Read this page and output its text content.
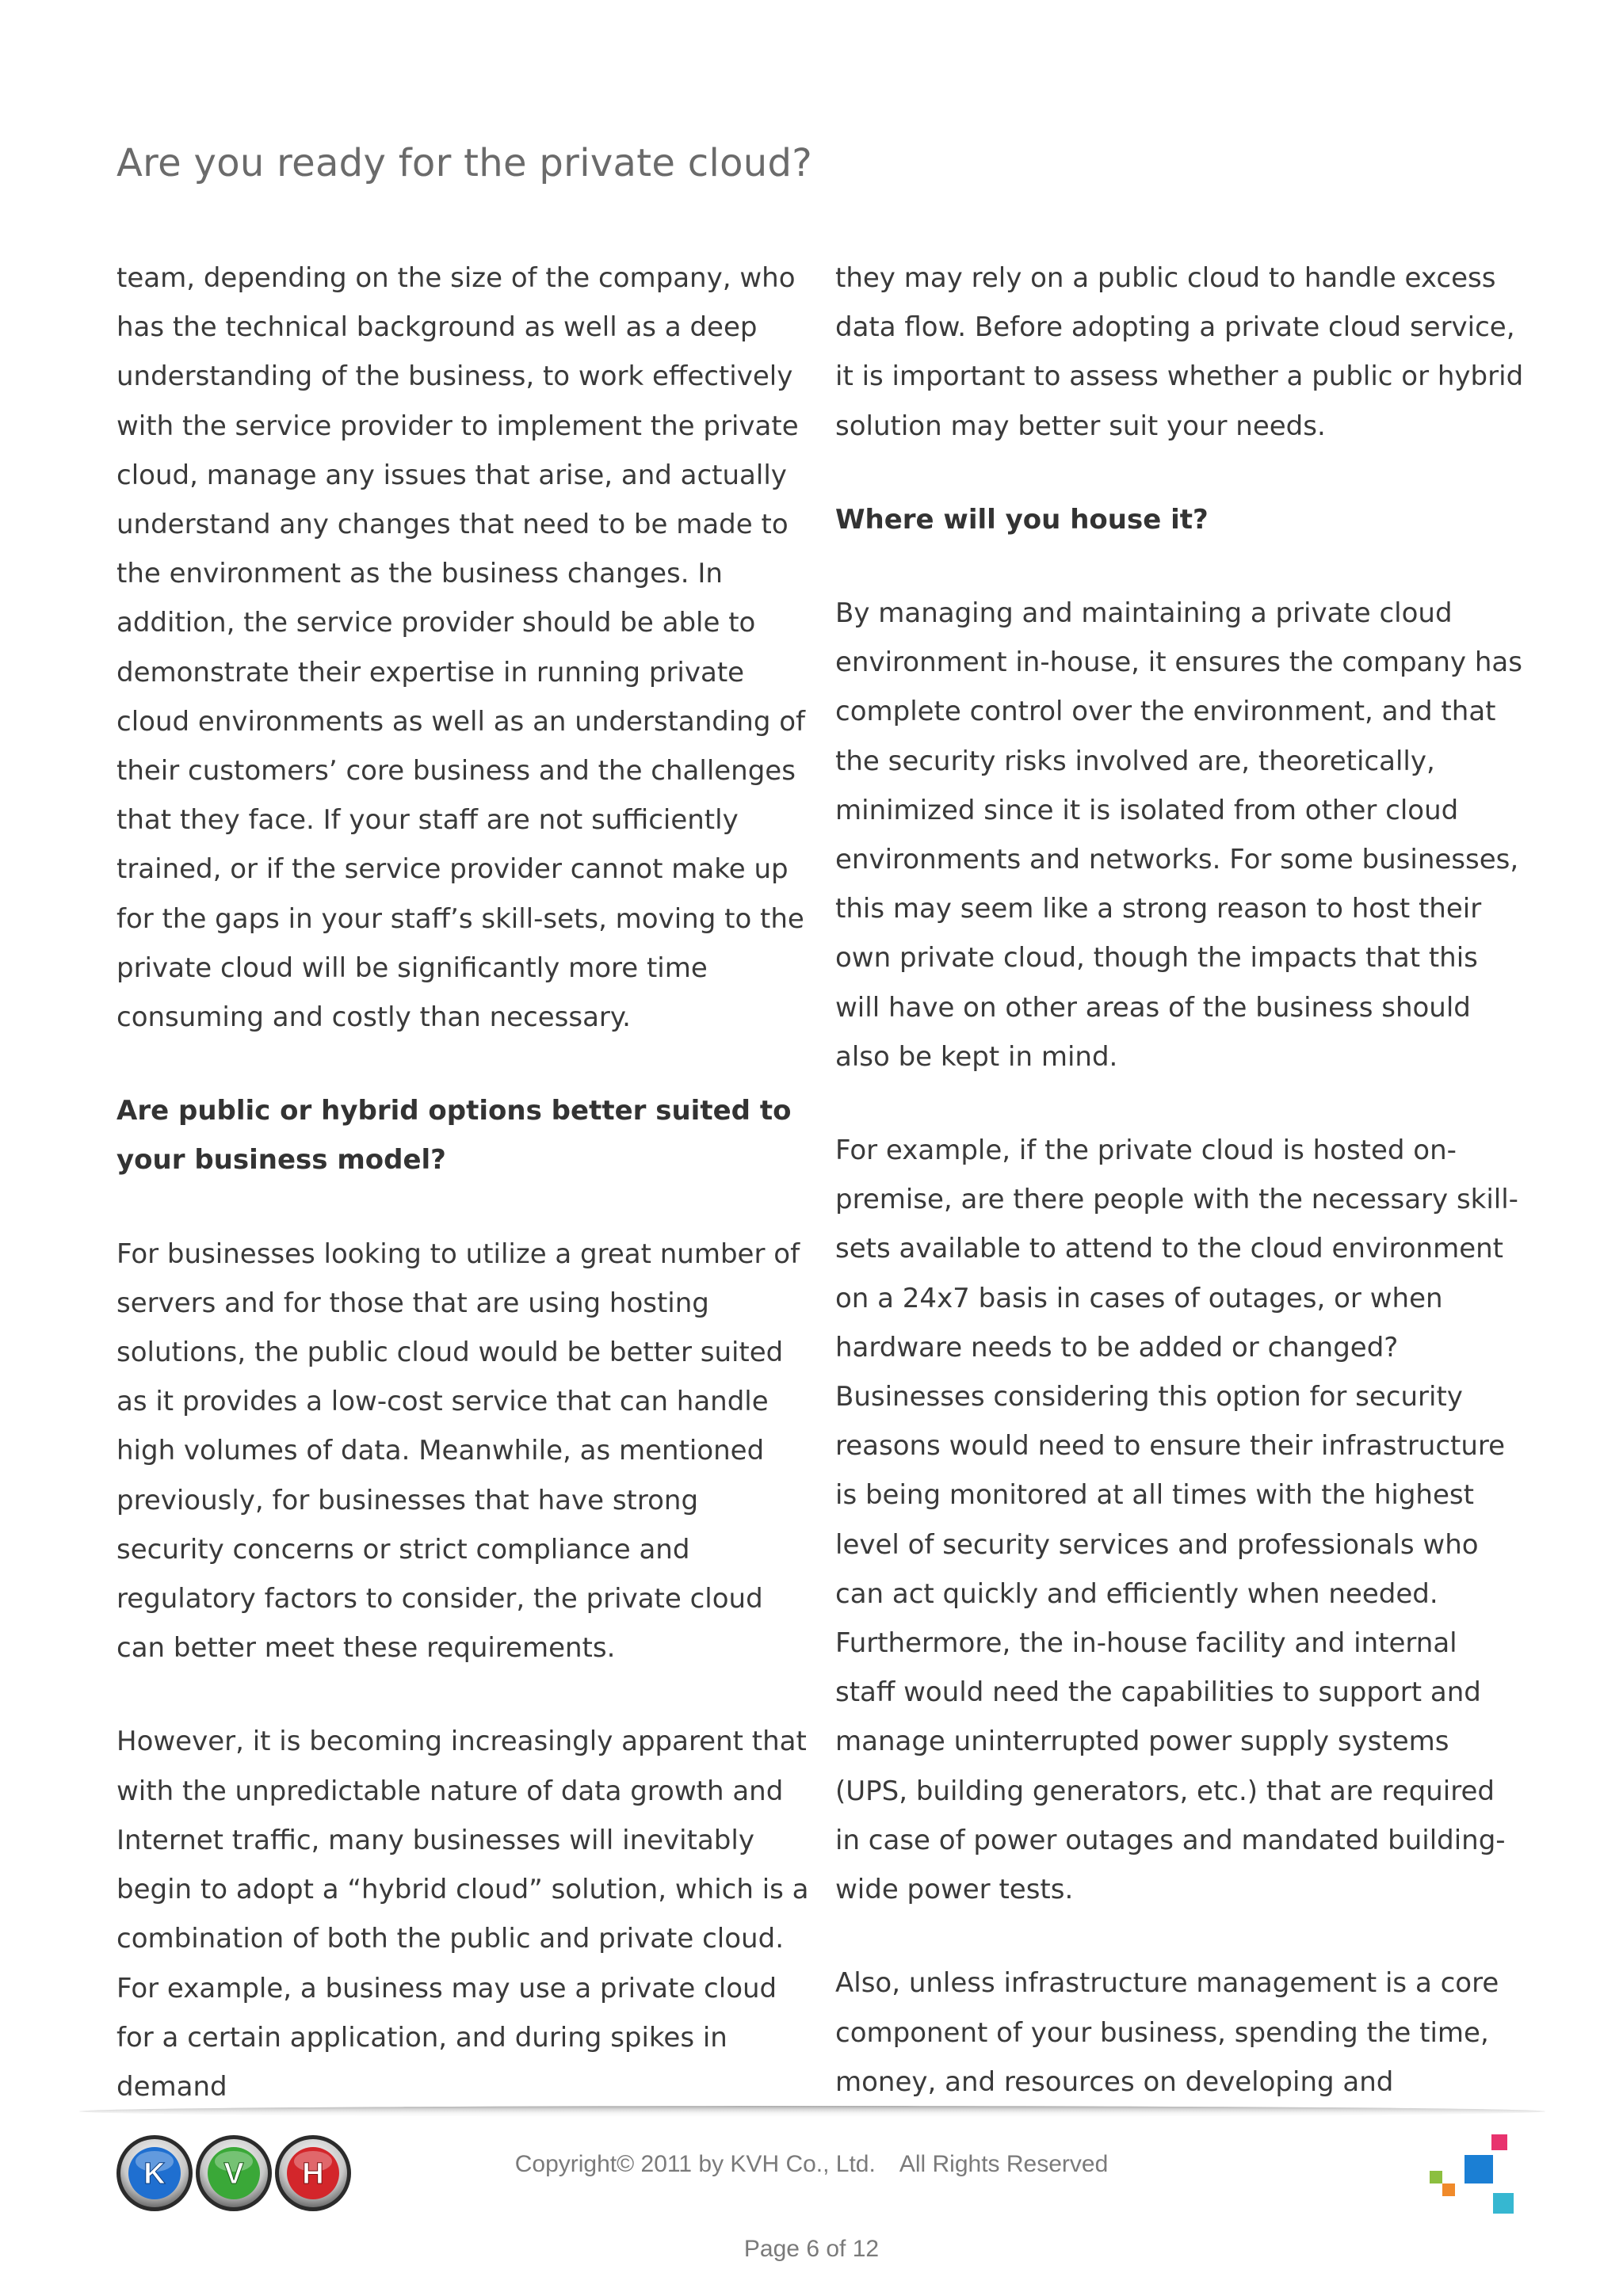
Are you ready for the private cloud?

team, depending on the size of the company, who has the technical background as well as a deep understanding of the business, to work effectively with the service provider to implement the private cloud, manage any issues that arise, and actually understand any changes that need to be made to the environment as the business changes. In addition, the service provider should be able to demonstrate their expertise in running private cloud environments as well as an understanding of their customers’ core business and the challenges that they face. If your staff are not sufficiently trained, or if the service provider cannot make up for the gaps in your staff’s skill-sets, moving to the private cloud will be significantly more time consuming and costly than necessary.

Are public or hybrid options better suited to your business model?

For businesses looking to utilize a great number of servers and for those that are using hosting solutions, the public cloud would be better suited as it provides a low-cost service that can handle high volumes of data. Meanwhile, as mentioned previously, for businesses that have strong security concerns or strict compliance and regulatory factors to consider, the private cloud can better meet these requirements.

However, it is becoming increasingly apparent that with the unpredictable nature of data growth and Internet traffic, many businesses will inevitably begin to adopt a “hybrid cloud” solution, which is a combination of both the public and private cloud. For example, a business may use a private cloud for a certain application, and during spikes in demand

they may rely on a public cloud to handle excess data flow. Before adopting a private cloud service, it is important to assess whether a public or hybrid solution may better suit your needs.

Where will you house it?

By managing and maintaining a private cloud environment in-house, it ensures the company has complete control over the environment, and that the security risks involved are, theoretically, minimized since it is isolated from other cloud environments and networks. For some businesses, this may seem like a strong reason to host their own private cloud, though the impacts that this will have on other areas of the business should also be kept in mind.

For example, if the private cloud is hosted on-premise, are there people with the necessary skill-sets available to attend to the cloud environment on a 24x7 basis in cases of outages, or when hardware needs to be added or changed? Businesses considering this option for security reasons would need to ensure their infrastructure is being monitored at all times with the highest level of security services and professionals who can act quickly and efficiently when needed. Furthermore, the in-house facility and internal staff would need the capabilities to support and manage uninterrupted power supply systems (UPS, building generators, etc.) that are required in case of power outages and mandated building-wide power tests.

Also, unless infrastructure management is a core component of your business, spending the time, money, and resources on developing and

K V H	Copyright© 2011 by KVH Co., Ltd. All Rights Reserved
Page 6 of 12
